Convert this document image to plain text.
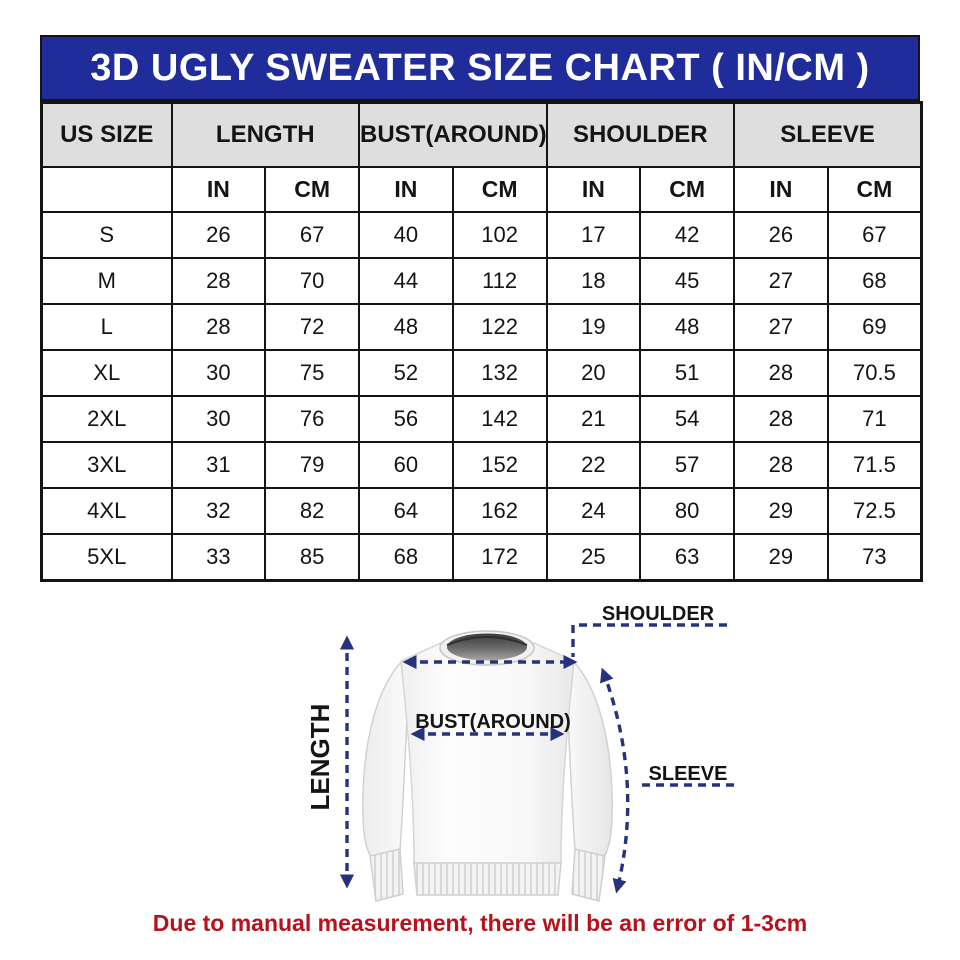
3D UGLY SWEATER SIZE CHART ( IN/CM )
US SIZE	LENGTH		BUST(AROUND)		SHOULDER		SLEEVE	
	IN	CM	IN	CM	IN	CM	IN	CM
S	26	67	40	102	17	42	26	67
M	28	70	44	112	18	45	27	68
L	28	72	48	122	19	48	27	69
XL	30	75	52	132	20	51	28	70.5
2XL	30	76	56	142	21	54	28	71
3XL	31	79	60	152	22	57	28	71.5
4XL	32	82	64	162	24	80	29	72.5
5XL	33	85	68	172	25	63	29	73
SHOULDER
LENGTH	BUST(AROUND)
SLEEVE
Due to manual measurement, there will be an error of 1-3cm
